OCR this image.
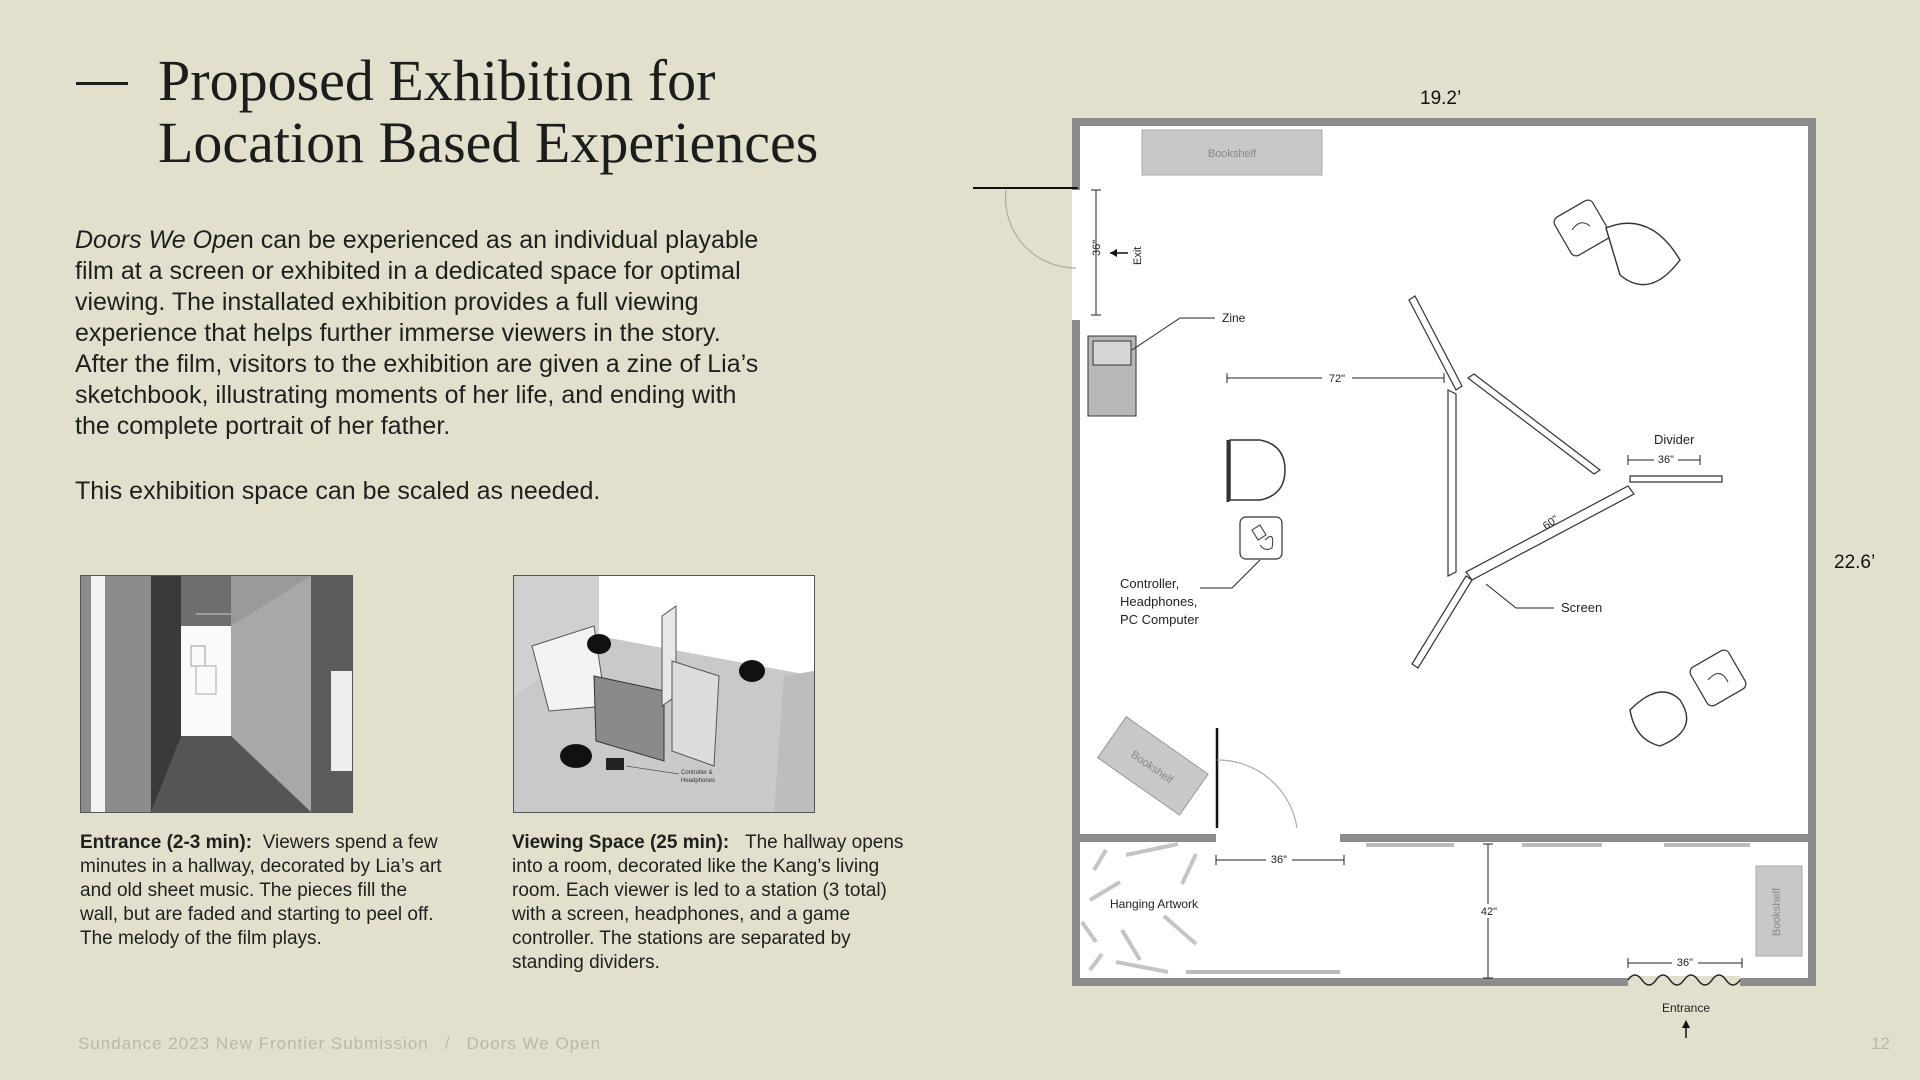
Proposed Exhibition for
Location Based Experiences

Doors We Open can be experienced as an individual playable film at a screen or exhibited in a dedicated space for optimal viewing. The installated exhibition provides a full viewing experience that helps further immerse viewers in the story. After the film, visitors to the exhibition are given a zine of Lia’s sketchbook, illustrating moments of her life, and ending with the complete portrait of her father.

This exhibition space can be scaled as needed.

Controller &
Headphones

Entrance (2-3 min): Viewers spend a few minutes in a hallway, decorated by Lia’s art and old sheet music. The pieces fill the wall, but are faded and starting to peel off. The melody of the film plays.

Viewing Space (25 min): The hallway opens into a room, decorated like the Kang’s living room. Each viewer is led to a station (3 total) with a screen, headphones, and a game controller. The stations are separated by standing dividers.

19.2’
22.6’
36"	Exit
Bookshelf
Zine
72"
Controller,
Headphones,
PC Computer
Divider
36"
60"
Screen
Bookshelf
Hanging Artwork
36"
42"	Bookshelf
36"
Entrance
Sundance 2023 New Frontier Submission / Doors We Open	12
